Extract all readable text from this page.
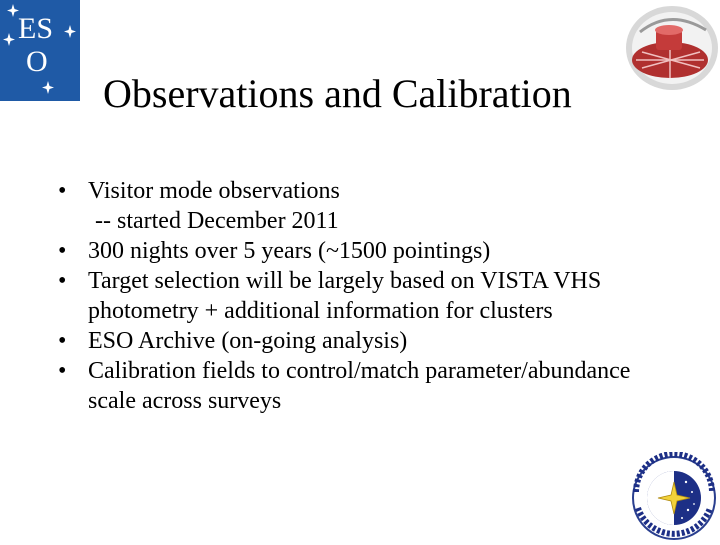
ES
O
Observations and Calibration
• Visitor mode observations
-- started December 2011
• 300 nights over 5 years (~1500 pointings)
• Target selection will be largely based on VISTA VHS photometry + additional information for clusters
• ESO Archive (on-going analysis)
• Calibration fields to control/match parameter/abundance scale across surveys
